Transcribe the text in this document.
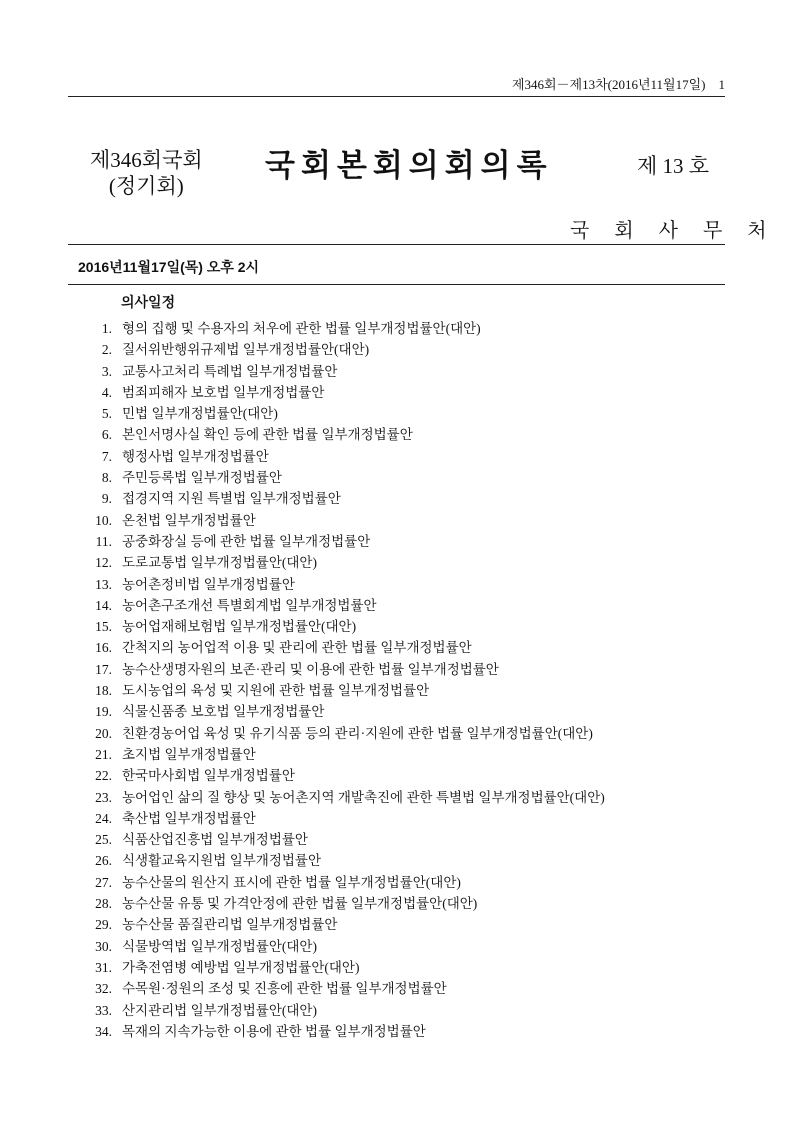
제346회－제13차(2016년11월17일)　1
제346회국회
(정기회)
국회본회의회의록	제 13 호
국 회 사 무 처
2016년11월17일(목) 오후 2시
의사일정
1. 형의 집행 및 수용자의 처우에 관한 법률 일부개정법률안(대안)
2. 질서위반행위규제법 일부개정법률안(대안)
3. 교통사고처리 특례법 일부개정법률안
4. 범죄피해자 보호법 일부개정법률안
5. 민법 일부개정법률안(대안)
6. 본인서명사실 확인 등에 관한 법률 일부개정법률안
7. 행정사법 일부개정법률안
8. 주민등록법 일부개정법률안
9. 접경지역 지원 특별법 일부개정법률안
10. 온천법 일부개정법률안
11. 공중화장실 등에 관한 법률 일부개정법률안
12. 도로교통법 일부개정법률안(대안)
13. 농어촌정비법 일부개정법률안
14. 농어촌구조개선 특별회계법 일부개정법률안
15. 농어업재해보험법 일부개정법률안(대안)
16. 간척지의 농어업적 이용 및 관리에 관한 법률 일부개정법률안
17. 농수산생명자원의 보존·관리 및 이용에 관한 법률 일부개정법률안
18. 도시농업의 육성 및 지원에 관한 법률 일부개정법률안
19. 식물신품종 보호법 일부개정법률안
20. 친환경농어업 육성 및 유기식품 등의 관리·지원에 관한 법률 일부개정법률안(대안)
21. 초지법 일부개정법률안
22. 한국마사회법 일부개정법률안
23. 농어업인 삶의 질 향상 및 농어촌지역 개발촉진에 관한 특별법 일부개정법률안(대안)
24. 축산법 일부개정법률안
25. 식품산업진흥법 일부개정법률안
26. 식생활교육지원법 일부개정법률안
27. 농수산물의 원산지 표시에 관한 법률 일부개정법률안(대안)
28. 농수산물 유통 및 가격안정에 관한 법률 일부개정법률안(대안)
29. 농수산물 품질관리법 일부개정법률안
30. 식물방역법 일부개정법률안(대안)
31. 가축전염병 예방법 일부개정법률안(대안)
32. 수목원·정원의 조성 및 진흥에 관한 법률 일부개정법률안
33. 산지관리법 일부개정법률안(대안)
34. 목재의 지속가능한 이용에 관한 법률 일부개정법률안
